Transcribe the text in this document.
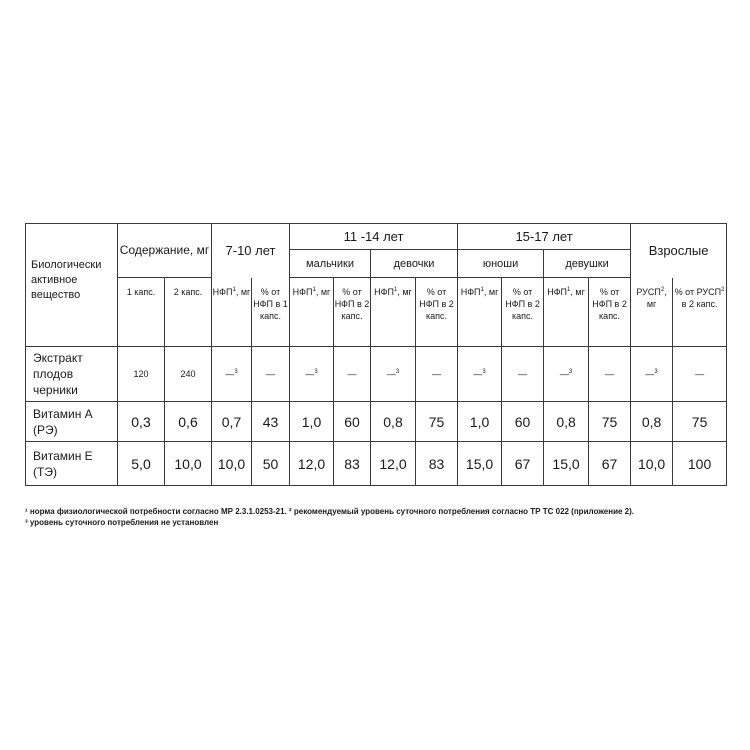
Биологически активное вещество	Содержание, мг		7-10 лет		11 -14 лет				15-17 лет				Взрослые	
					мальчики		девочки		юноши		девушки			
	1 капс.	2 капс.	НФП$^1$, мг	% от НФП в 1 капс.	НФП$^1$, мг	% от НФП в 2 капс.	НФП$^1$, мг	% от НФП в 2 капс.	НФП$^1$, мг	% от НФП в 2 капс.	НФП$^1$, мг	% от НФП в 2 капс.	РУСП$^2$, мг	% от РУСП$^2$ в 2 капс.
Экстракт плодов черники	120	240	—$^3$	—	—$^3$	—	—$^3$	—	—$^3$	—	—$^3$	—	—$^3$	—
Витамин А (РЭ)	0,3	0,6	0,7	43	1,0	60	0,8	75	1,0	60	0,8	75	0,8	75
Витамин Е (ТЭ)	5,0	10,0	10,0	50	12,0	83	12,0	83	15,0	67	15,0	67	10,0	100
¹ норма физиологической потребности согласно МР 2.3.1.0253-21. ² рекомендуемый уровень суточного потребления согласно ТР ТС 022 (приложение 2).
³ уровень суточного потребления не установлен
